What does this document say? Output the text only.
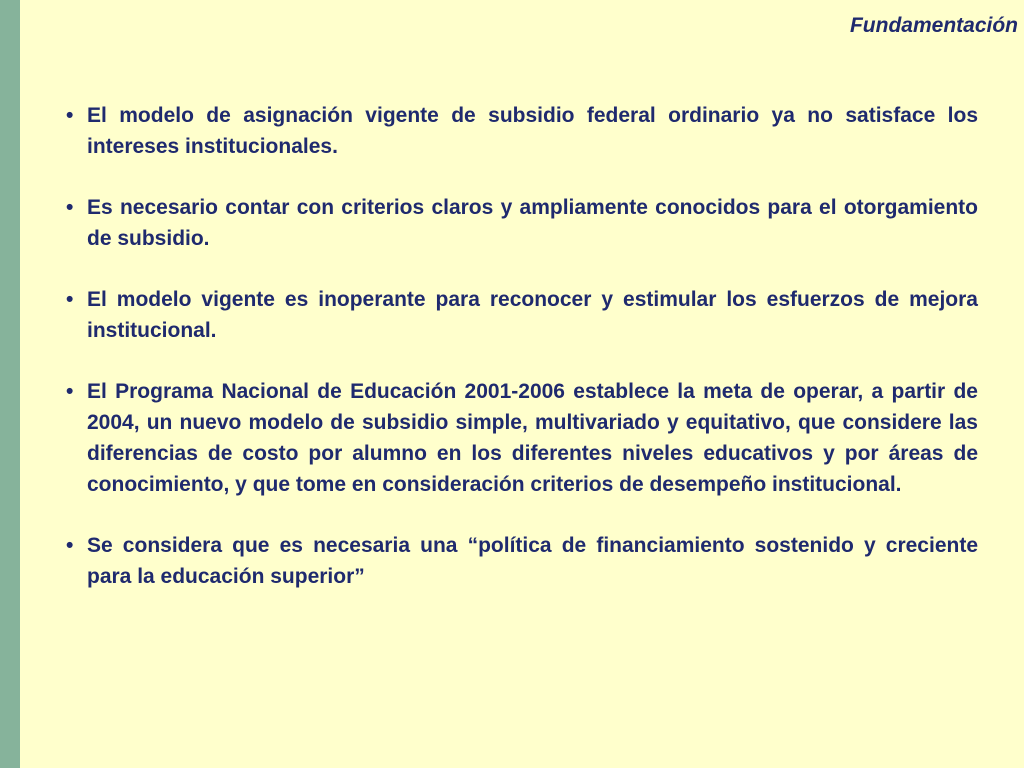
Fundamentación
• El modelo de asignación vigente de subsidio federal ordinario ya no satisface los intereses institucionales.
• Es necesario contar con criterios claros y ampliamente conocidos para el otorgamiento de subsidio.
• El modelo vigente es inoperante para reconocer y estimular los esfuerzos de mejora institucional.
• El Programa Nacional de Educación 2001-2006 establece la meta de operar, a partir de 2004, un nuevo modelo de subsidio simple, multivariado y equitativo, que considere las diferencias de costo por alumno en los diferentes niveles educativos y por áreas de conocimiento, y que tome en consideración criterios de desempeño institucional.
• Se considera que es necesaria una “política de financiamiento sostenido y creciente para la educación superior”
